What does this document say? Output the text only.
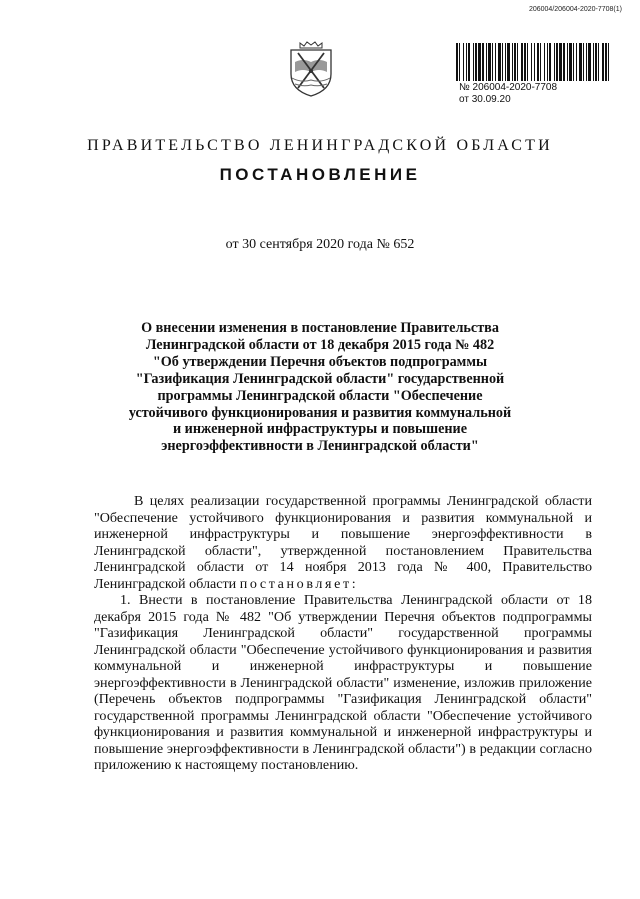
206004/206004-2020-7708(1)
№ 206004-2020-7708
от 30.09.20
ПРАВИТЕЛЬСТВО ЛЕНИНГРАДСКОЙ ОБЛАСТИ
ПОСТАНОВЛЕНИЕ
от 30 сентября 2020 года № 652
О внесении изменения в постановление Правительства
Ленинградской области от 18 декабря 2015 года № 482
"Об утверждении Перечня объектов подпрограммы
"Газификация Ленинградской области" государственной
программы Ленинградской области "Обеспечение
устойчивого функционирования и развития коммунальной
и инженерной инфраструктуры и повышение
энергоэффективности в Ленинградской области"

В целях реализации государственной программы Ленинградской области "Обеспечение устойчивого функционирования и развития коммунальной и инженерной инфраструктуры и повышение энергоэффективности в Ленинградской области", утвержденной постановлением Правительства Ленинградской области от 14 ноября 2013 года № 400, Правительство Ленинградской области постановляет:

1. Внести в постановление Правительства Ленинградской области от 18 декабря 2015 года № 482 "Об утверждении Перечня объектов подпрограммы "Газификация Ленинградской области" государственной программы Ленинградской области "Обеспечение устойчивого функционирования и развития коммунальной и инженерной инфраструктуры и повышение энергоэффективности в Ленинградской области" изменение, изложив приложение (Перечень объектов подпрограммы "Газификация Ленинградской области" государственной программы Ленинградской области "Обеспечение устойчивого функционирования и развития коммунальной и инженерной инфраструктуры и повышение энергоэффективности в Ленинградской области") в редакции согласно приложению к настоящему постановлению.
